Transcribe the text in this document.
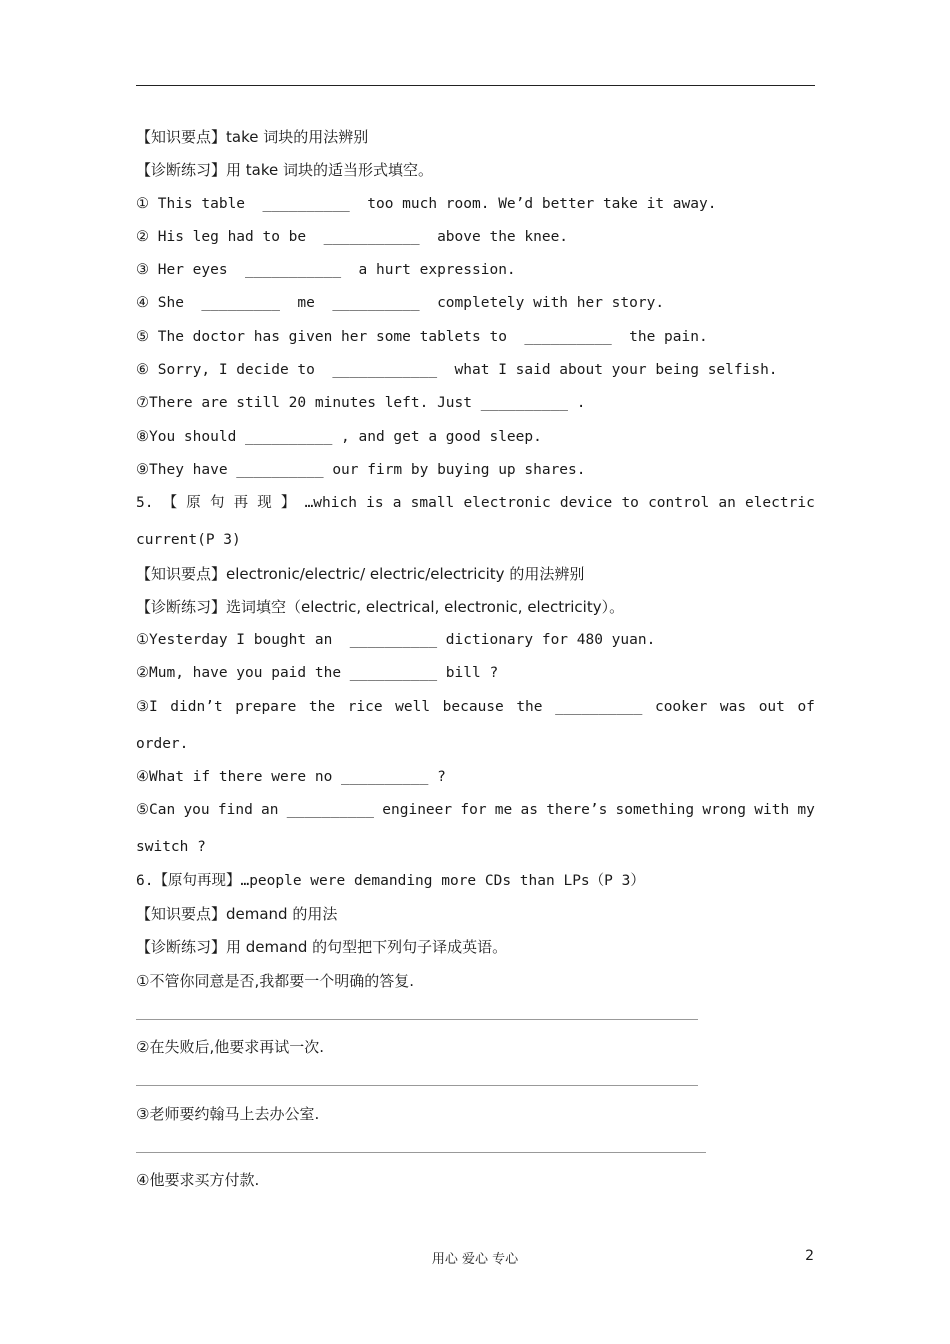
【知识要点】take 词块的用法辨别
【诊断练习】用 take 词块的适当形式填空。
① This table  __________  too much room. We’d better take it away.
② His leg had to be  ___________  above the knee.
③ Her eyes  ___________  a hurt expression.
④ She  _________  me  __________  completely with her story.
⑤ The doctor has given her some tablets to  __________  the pain.
⑥ Sorry, I decide to  ____________  what I said about your being selfish.
⑦There are still 20 minutes left. Just __________ .
⑧You should __________ , and get a good sleep.
⑨They have __________ our firm by buying up shares.
5. 【 原 句 再 现 】 …which is a small electronic device to control an electric
current(P 3)
【知识要点】electronic/electric/ electric/electricity 的用法辨别
【诊断练习】选词填空（electric, electrical, electronic, electricity）。
①Yesterday I bought an  __________ dictionary for 480 yuan.
②Mum, have you paid the __________ bill ?
③I didn’t prepare the rice well because the __________ cooker was out of
order.
④What if there were no __________ ?
⑤Can you find an __________ engineer for me as there’s something wrong with my
switch ?
6.【原句再现】…people were demanding more CDs than LPs（P 3）
【知识要点】demand 的用法
【诊断练习】用 demand 的句型把下列句子译成英语。
①不管你同意是否,我都要一个明确的答复.
②在失败后,他要求再试一次.
③老师要约翰马上去办公室.
④他要求买方付款.
用心 爱心 专心	2
